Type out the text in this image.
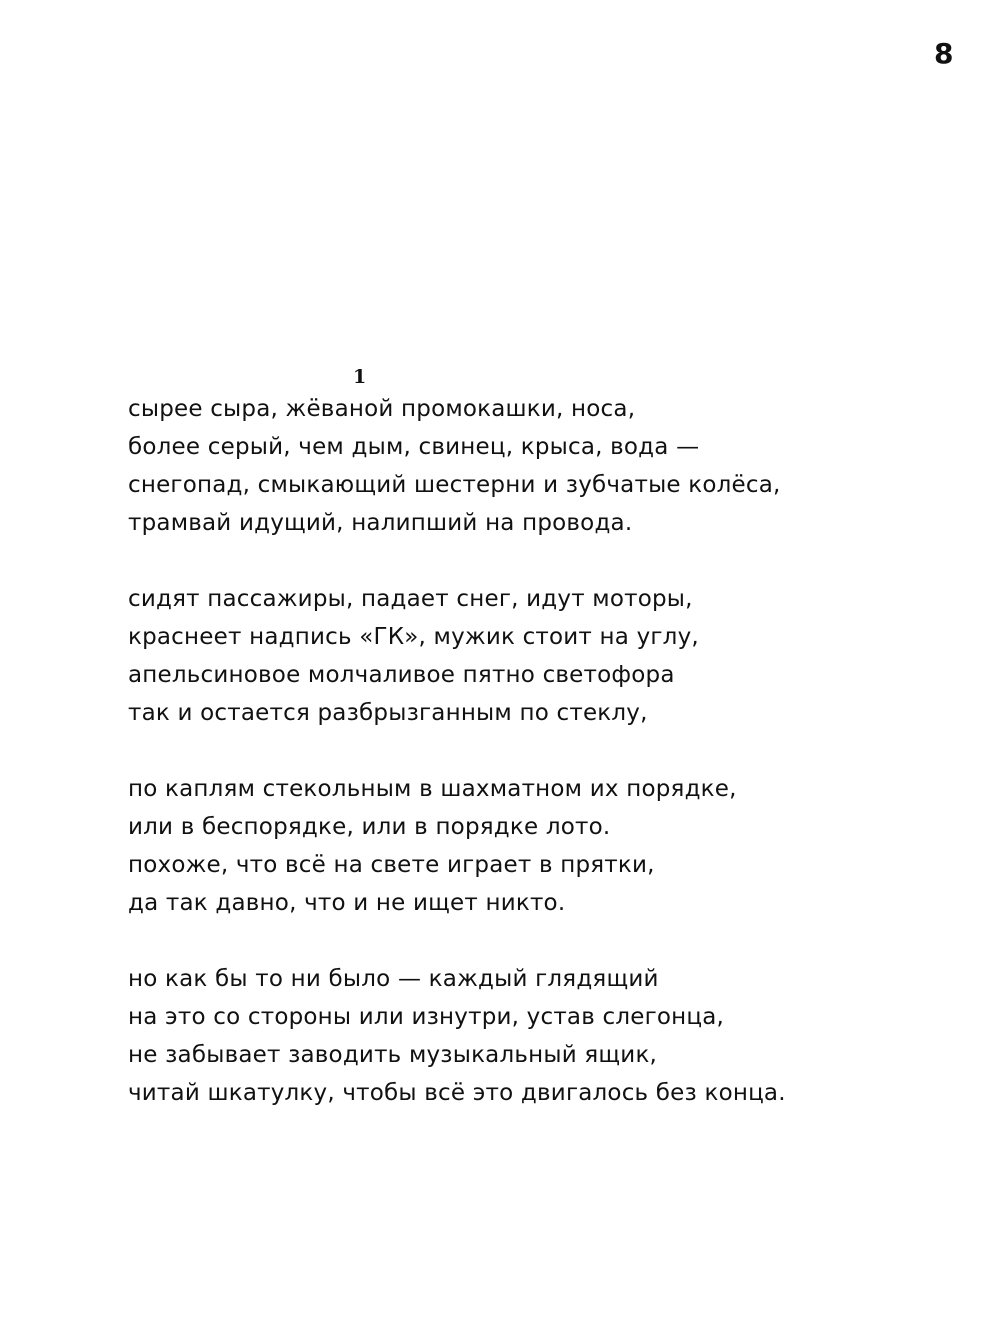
8
1
сырее сыра, жёваной промокашки, носа,
более серый, чем дым, свинец, крыса, вода —
снегопад, смыкающий шестерни и зубчатые колёса,
трамвай идущий, налипший на провода.
сидят пассажиры, падает снег, идут моторы,
краснеет надпись «ГК», мужик стоит на углу,
апельсиновое молчаливое пятно светофора
так и остается разбрызганным по стеклу,
по каплям стекольным в шахматном их порядке,
или в беспорядке, или в порядке лото.
похоже, что всё на свете играет в прятки,
да так давно, что и не ищет никто.
но как бы то ни было — каждый глядящий
на это со стороны или изнутри, устав слегонца,
не забывает заводить музыкальный ящик,
читай шкатулку, чтобы всё это двигалось без конца.
